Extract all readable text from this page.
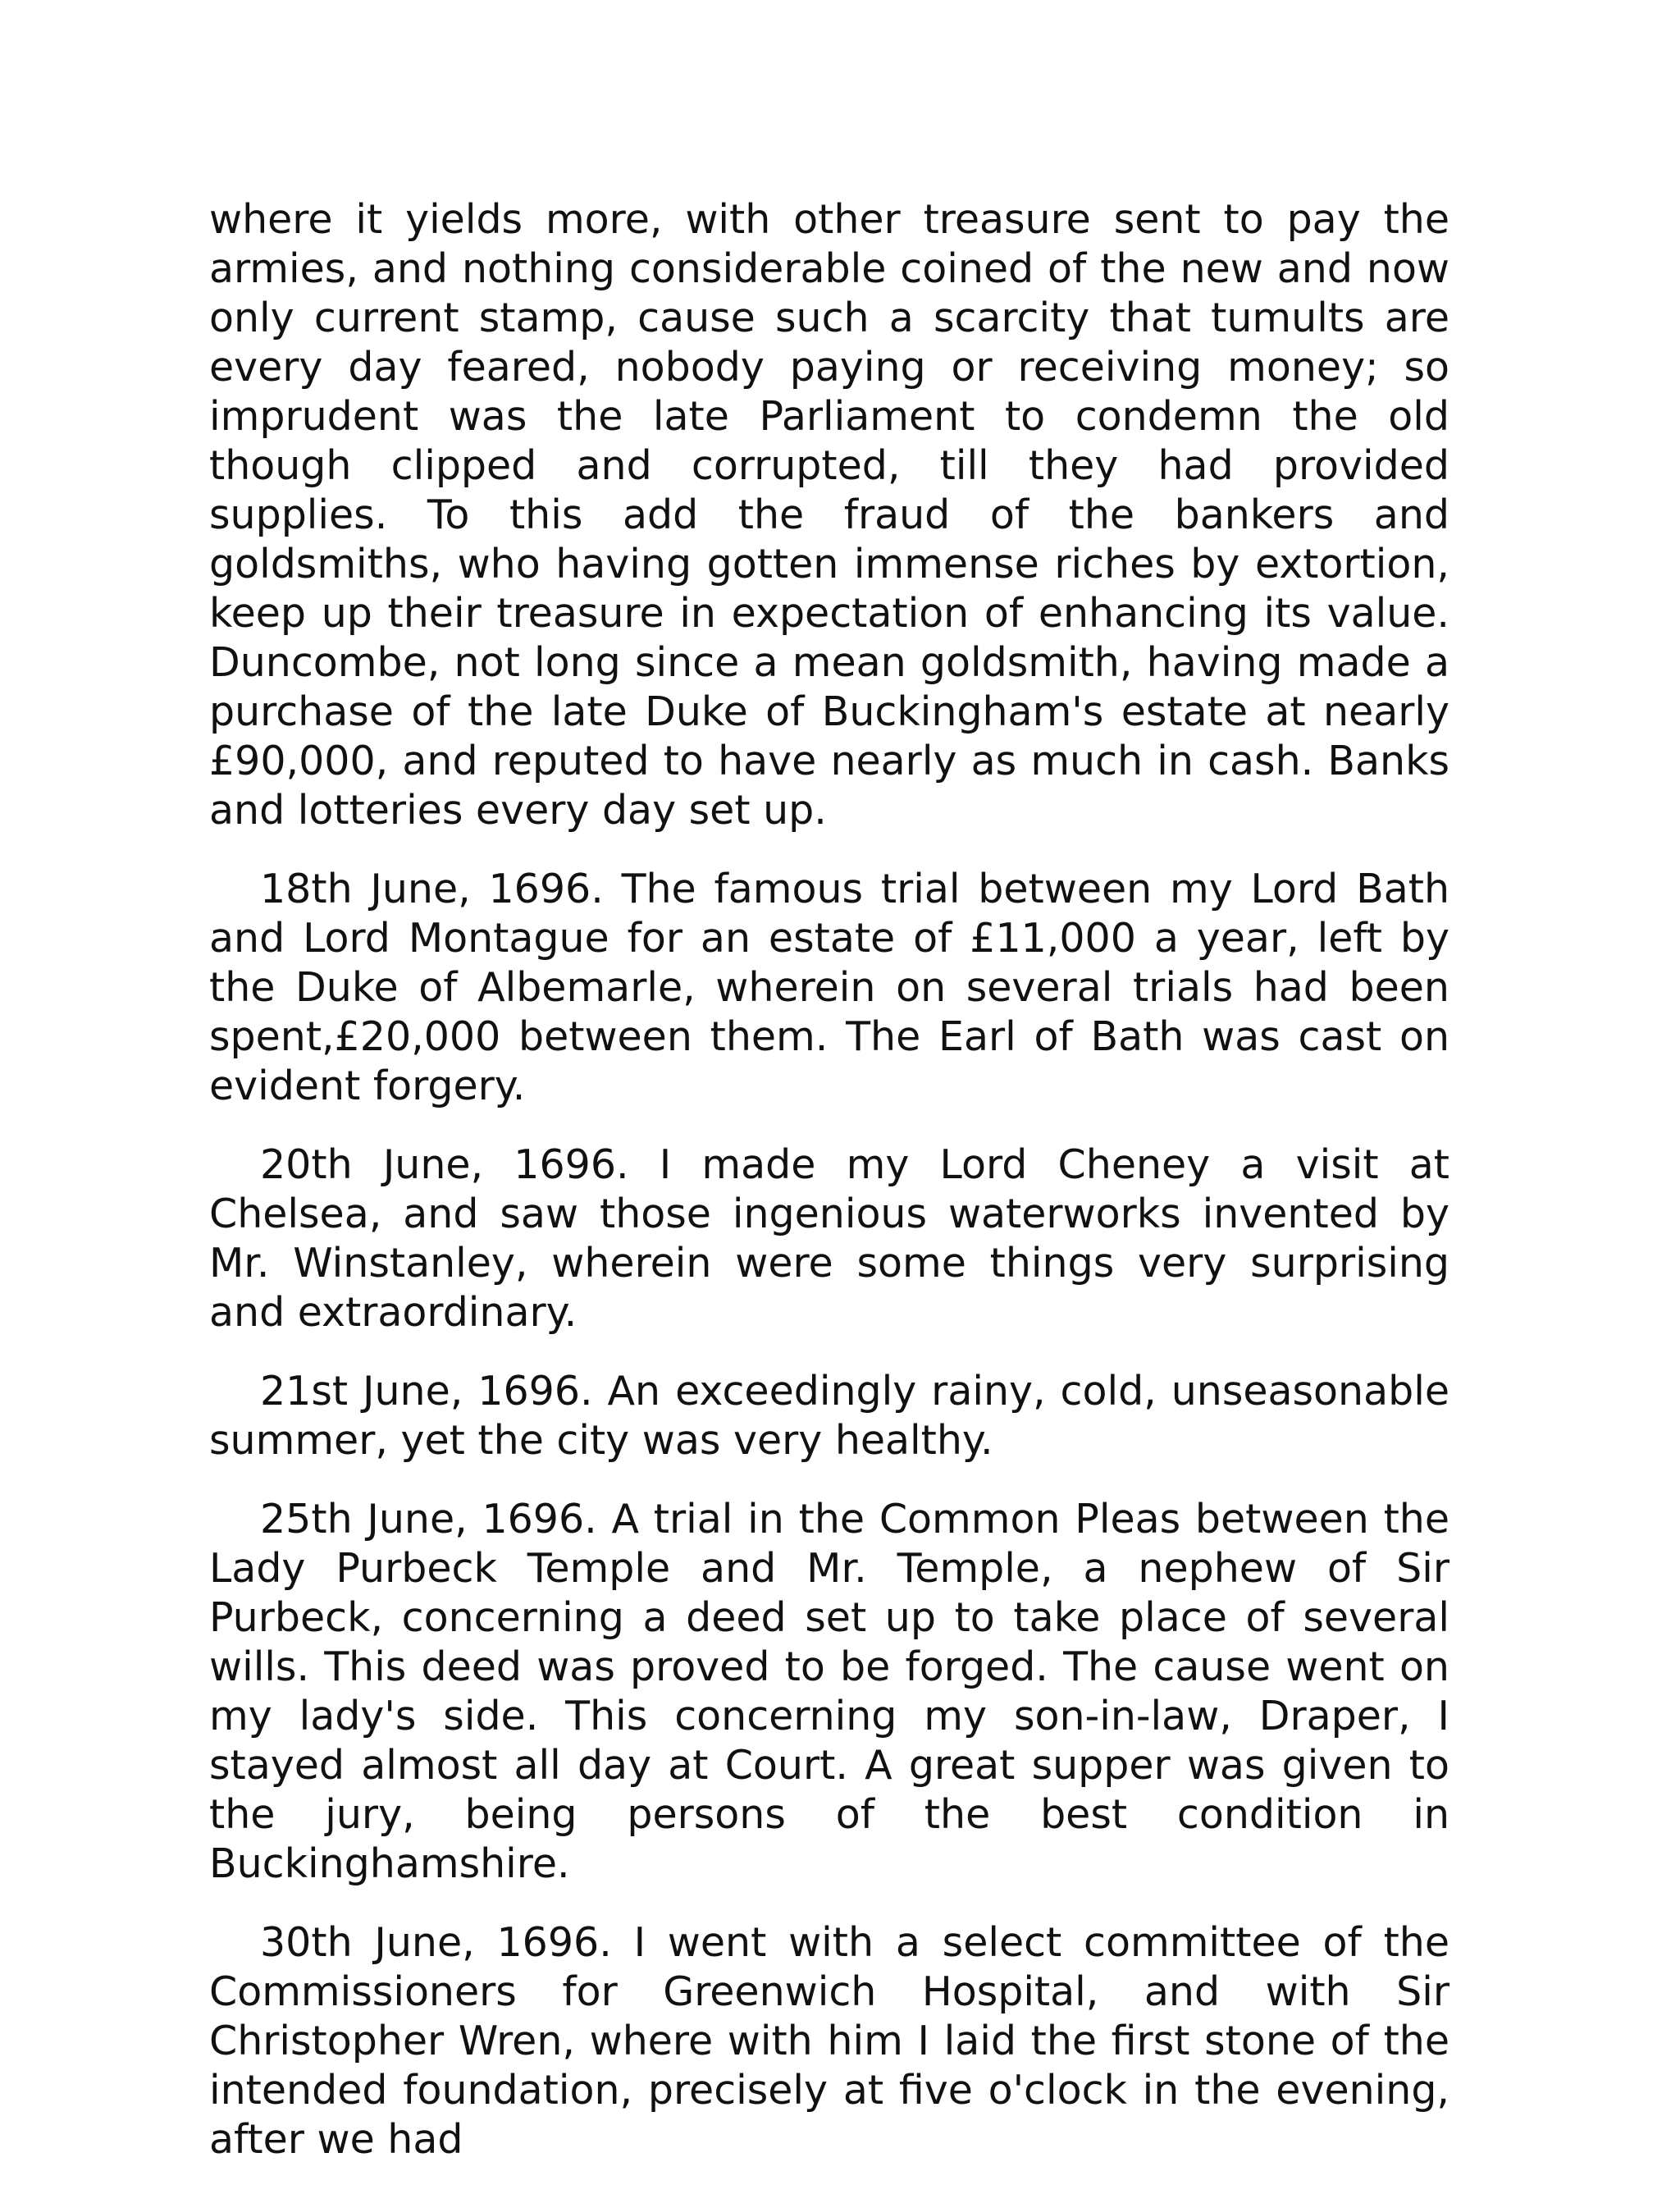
where it yields more, with other treasure sent to pay the armies, and nothing considerable coined of the new and now only current stamp, cause such a scarcity that tumults are every day feared, nobody paying or receiving money; so imprudent was the late Parliament to condemn the old though clipped and corrupted, till they had provided supplies. To this add the fraud of the bankers and goldsmiths, who having gotten immense riches by extortion, keep up their treasure in expectation of enhancing its value. Duncombe, not long since a mean goldsmith, having made a purchase of the late Duke of Buckingham's estate at nearly £90,000, and reputed to have nearly as much in cash. Banks and lotteries every day set up.

18th June, 1696. The famous trial between my Lord Bath and Lord Montague for an estate of £11,000 a year, left by the Duke of Albemarle, wherein on several trials had been spent,£20,000 between them. The Earl of Bath was cast on evident forgery.

20th June, 1696. I made my Lord Cheney a visit at Chelsea, and saw those ingenious waterworks invented by Mr. Winstanley, wherein were some things very surprising and extraordinary.

21st June, 1696. An exceedingly rainy, cold, unseasonable summer, yet the city was very healthy.

25th June, 1696. A trial in the Common Pleas between the Lady Purbeck Temple and Mr. Temple, a nephew of Sir Purbeck, concerning a deed set up to take place of several wills. This deed was proved to be forged. The cause went on my lady's side. This concerning my son-in-law, Draper, I stayed almost all day at Court. A great supper was given to the jury, being persons of the best condition in Buckinghamshire.

30th June, 1696. I went with a select committee of the Commissioners for Greenwich Hospital, and with Sir Christopher Wren, where with him I laid the first stone of the intended foundation, precisely at five o'clock in the evening, after we had
